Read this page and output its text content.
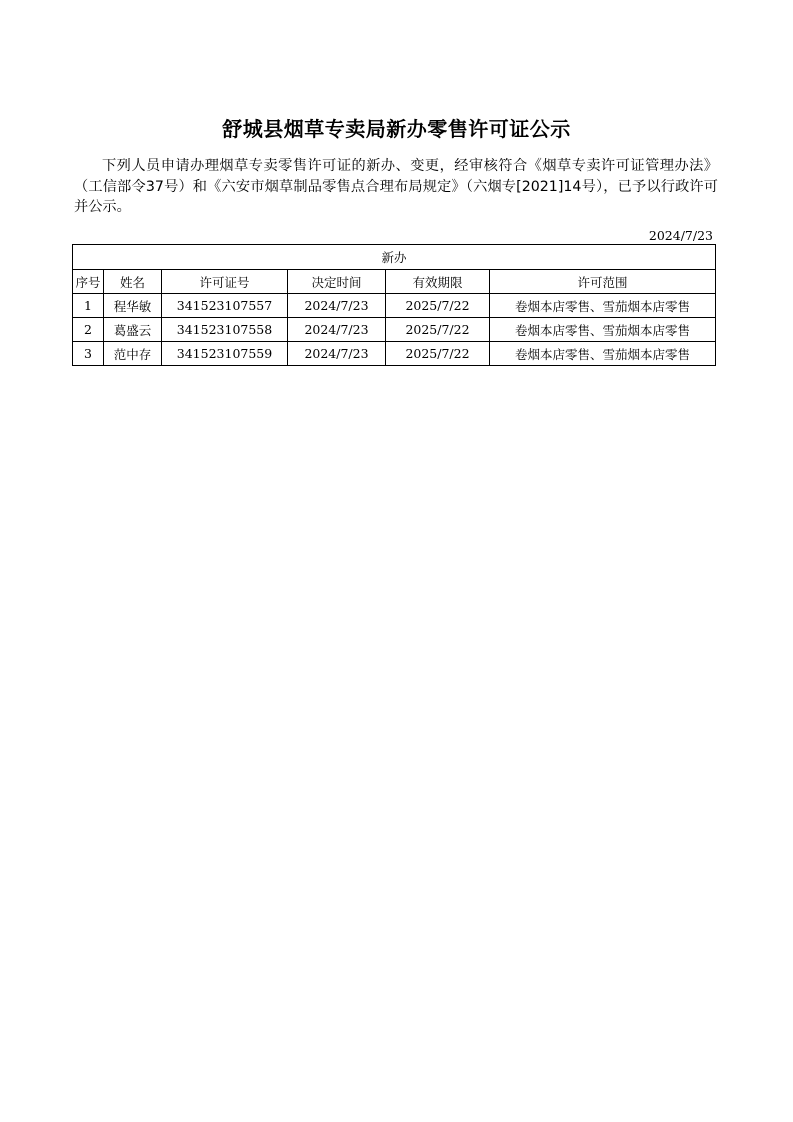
舒城县烟草专卖局新办零售许可证公示
下列人员申请办理烟草专卖零售许可证的新办、变更，经审核符合《烟草专卖许可证管理办法》（工信部令37号）和《六安市烟草制品零售点合理布局规定》（六烟专[2021]14号），已予以行政许可并公示。
2024/7/23
新办					
序号	姓名	许可证号	决定时间	有效期限	许可范围
1	程华敏	341523107557	2024/7/23	2025/7/22	卷烟本店零售、雪茄烟本店零售
2	葛盛云	341523107558	2024/7/23	2025/7/22	卷烟本店零售、雪茄烟本店零售
3	范中存	341523107559	2024/7/23	2025/7/22	卷烟本店零售、雪茄烟本店零售
